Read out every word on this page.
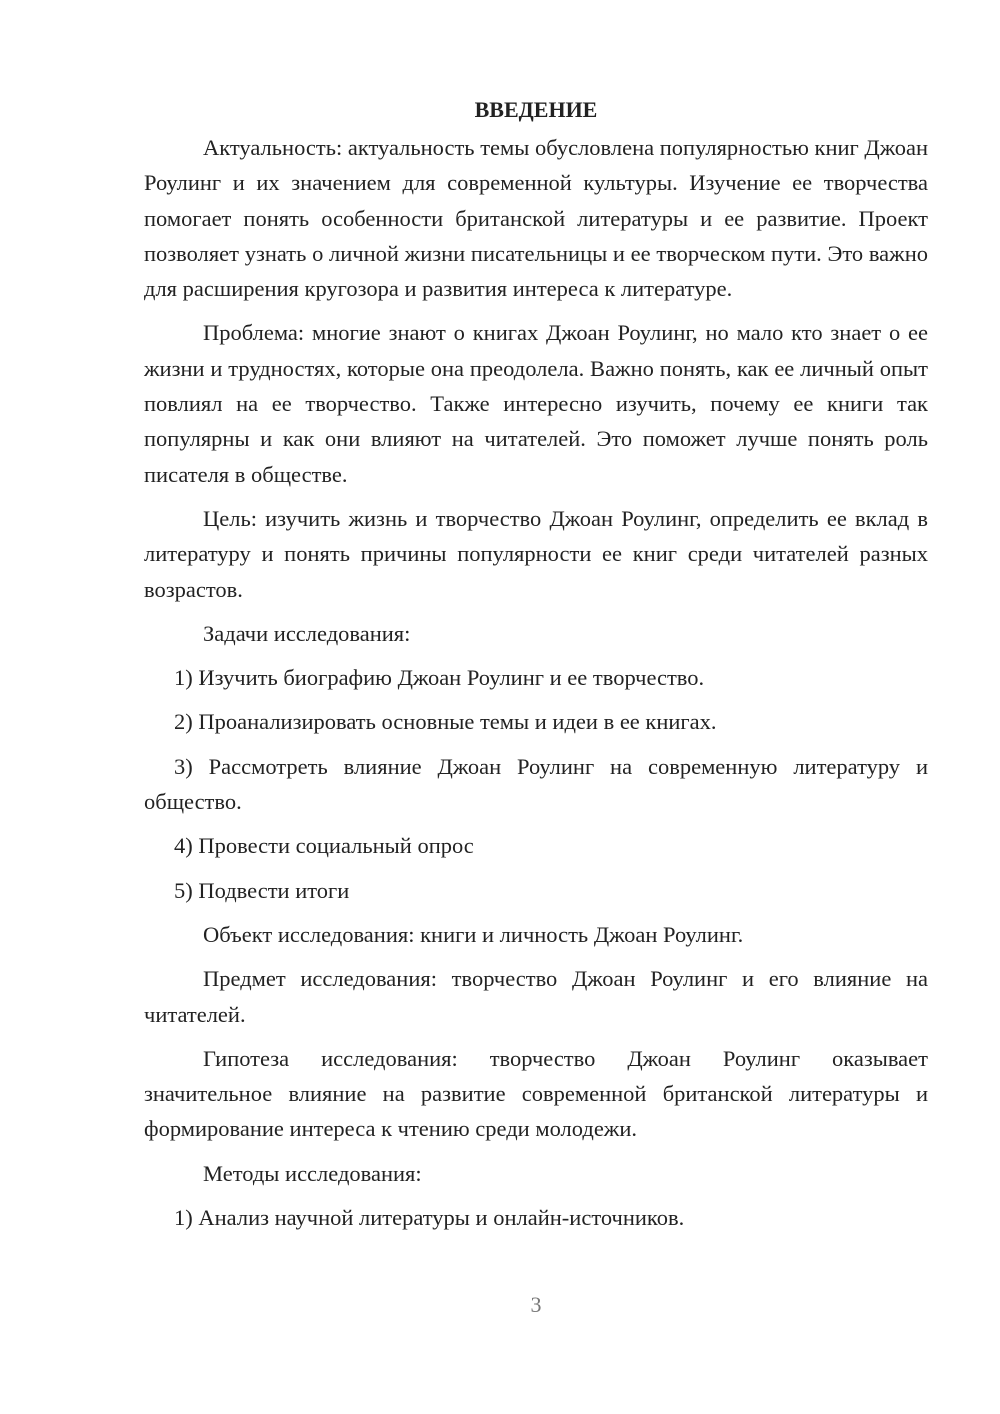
ВВЕДЕНИЕ

Актуальность: актуальность темы обусловлена популярностью книг Джоан Роулинг и их значением для современной культуры. Изучение ее творчества помогает понять особенности британской литературы и ее развитие. Проект позволяет узнать о личной жизни писательницы и ее творческом пути. Это важно для расширения кругозора и развития интереса к литературе.

Проблема: многие знают о книгах Джоан Роулинг, но мало кто знает о ее жизни и трудностях, которые она преодолела. Важно понять, как ее личный опыт повлиял на ее творчество. Также интересно изучить, почему ее книги так популярны и как они влияют на читателей. Это поможет лучше понять роль писателя в обществе.

Цель: изучить жизнь и творчество Джоан Роулинг, определить ее вклад в литературу и понять причины популярности ее книг среди читателей разных возрастов.

Задачи исследования:

1) Изучить биографию Джоан Роулинг и ее творчество.

2) Проанализировать основные темы и идеи в ее книгах.

3) Рассмотреть влияние Джоан Роулинг на современную литературу и общество.

4) Провести социальный опрос

5) Подвести итоги

Объект исследования: книги и личность Джоан Роулинг.

Предмет исследования: творчество Джоан Роулинг и его влияние на читателей.

Гипотеза исследования: творчество Джоан Роулинг оказывает значительное влияние на развитие современной британской литературы и формирование интереса к чтению среди молодежи.

Методы исследования:

1) Анализ научной литературы и онлайн-источников.

3
